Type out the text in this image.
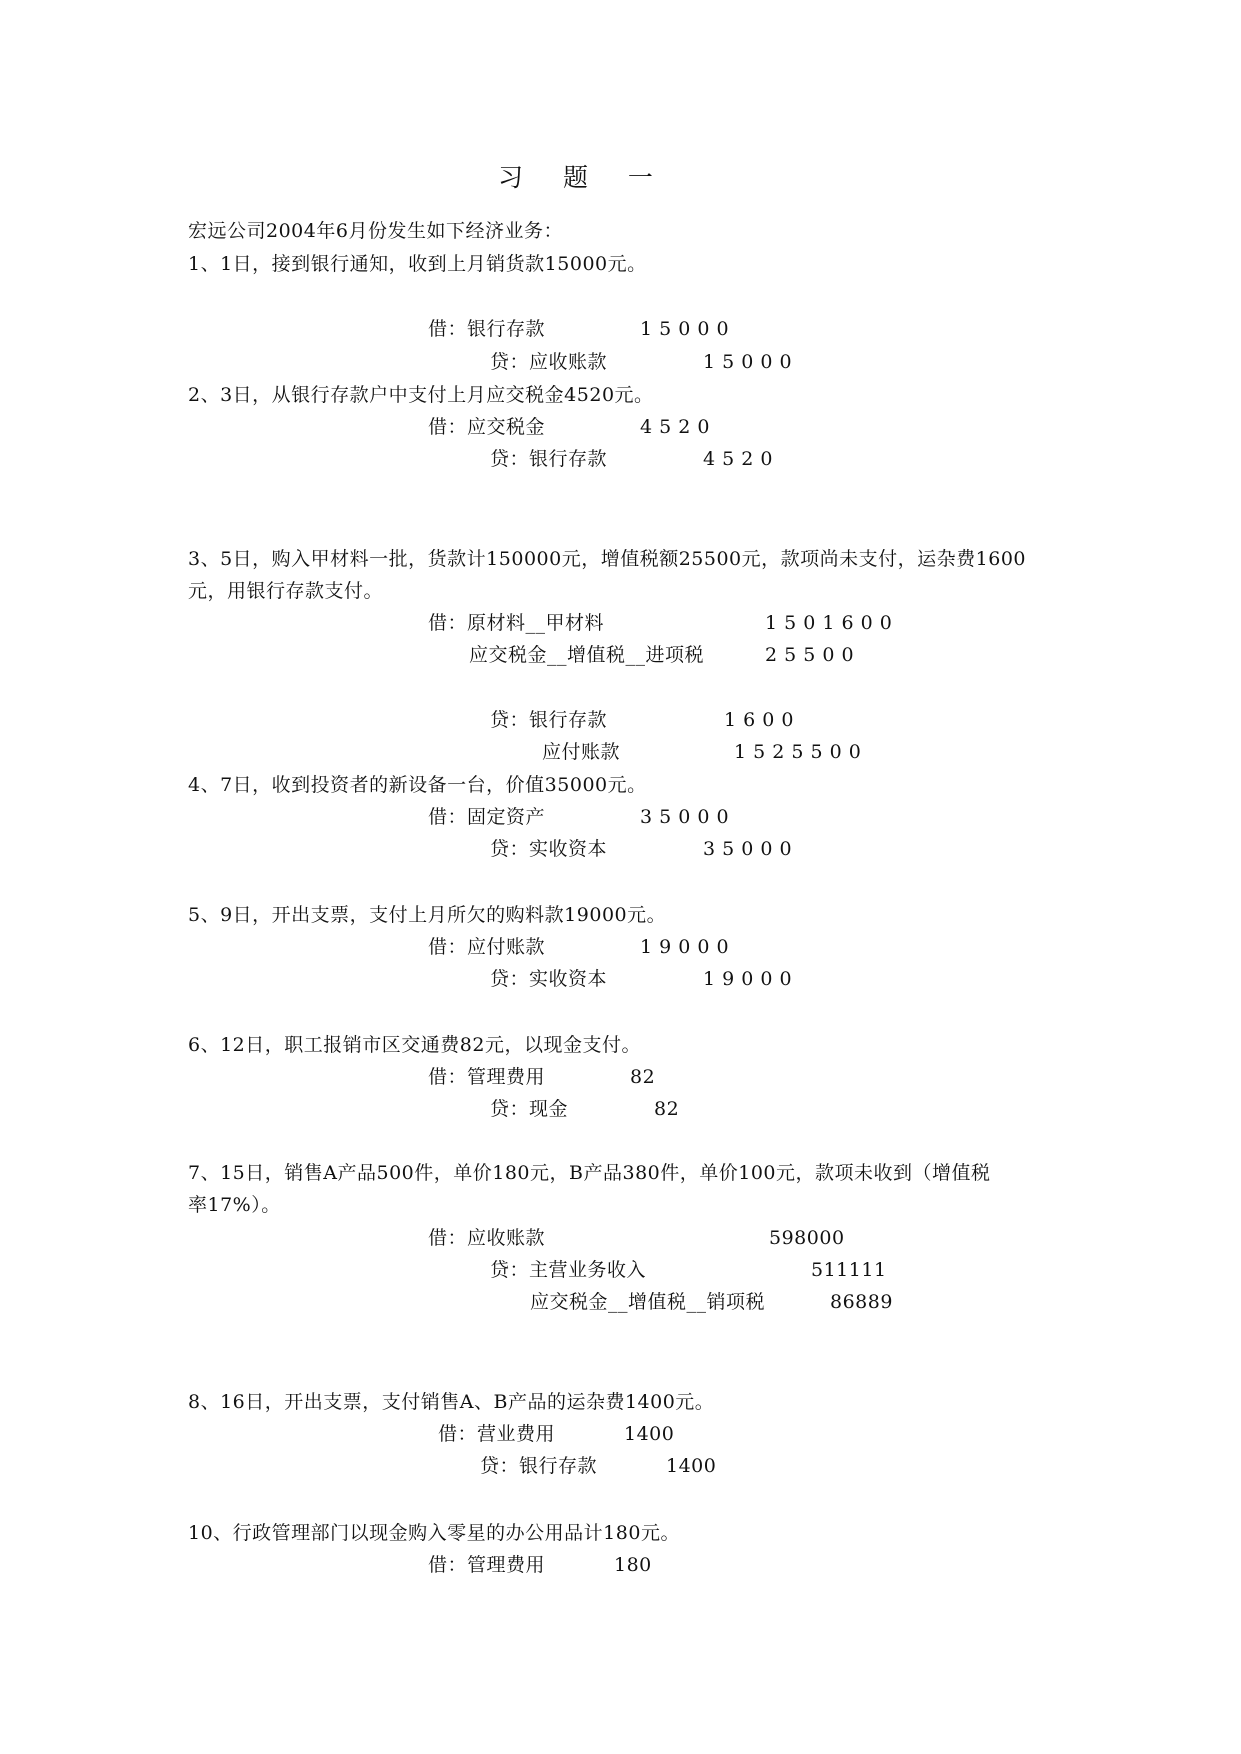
习 题 一
宏远公司2004年6月份发生如下经济业务：
1、1日，接到银行通知，收到上月销货款15000元。
借：银行存款	1 5 0 0 0
贷：应收账款	1 5 0 0 0
2、3日，从银行存款户中支付上月应交税金4520元。
借：应交税金	4 5 2 0
贷：银行存款	4 5 2 0
3、5日，购入甲材料一批，货款计150000元，增值税额25500元，款项尚未支付，运杂费1600
元，用银行存款支付。
借：原材料__甲材料	1 5 0 1 6 0 0
应交税金__增值税__进项税	2 5 5 0 0
贷：银行存款	1 6 0 0
应付账款	1 5 2 5 5 0 0
4、7日，收到投资者的新设备一台，价值35000元。
借：固定资产	3 5 0 0 0
贷：实收资本	3 5 0 0 0
5、9日，开出支票，支付上月所欠的购料款19000元。
借：应付账款	1 9 0 0 0
贷：实收资本	1 9 0 0 0
6、12日，职工报销市区交通费82元，以现金支付。
借：管理费用	82
贷：现金	82
7、15日，销售A产品500件，单价180元，B产品380件，单价100元，款项未收到（增值税
率17%）。
借：应收账款	598000
贷：主营业务收入	511111
应交税金__增值税__销项税	86889
8、16日，开出支票，支付销售A、B产品的运杂费1400元。
借：营业费用	1400
贷：银行存款	1400
10、行政管理部门以现金购入零星的办公用品计180元。
借：管理费用	180
